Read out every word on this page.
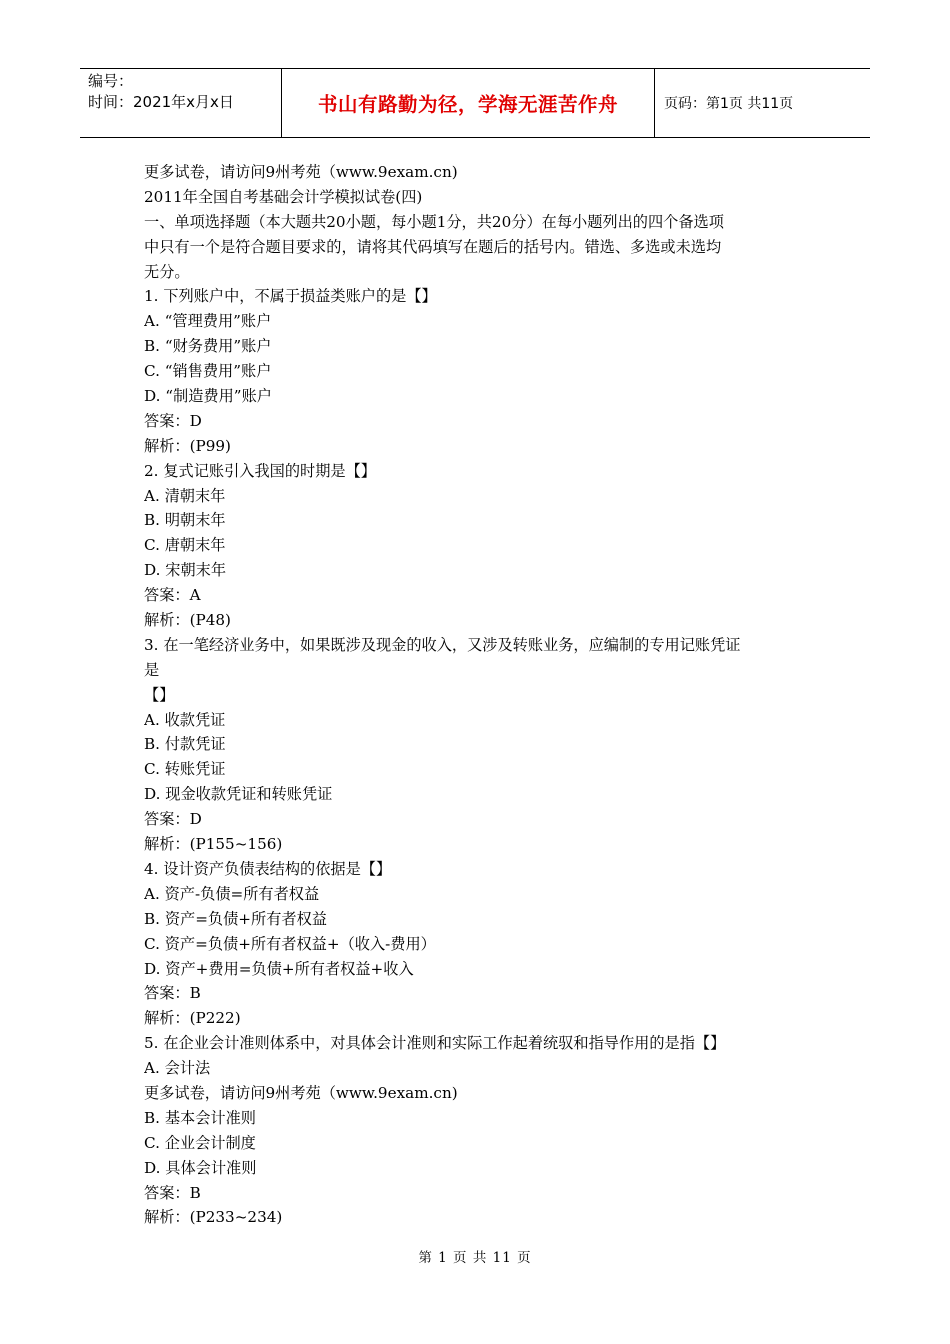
编号：
时间：2021年x月x日	书山有路勤为径，学海无涯苦作舟	页码：第1页 共11页
更多试卷，请访问9州考苑（www.9exam.cn)
2011年全国自考基础会计学模拟试卷(四)
一、单项选择题（本大题共20小题，每小题1分，共20分）在每小题列出的四个备选项
中只有一个是符合题目要求的，请将其代码填写在题后的括号内。错选、多选或未选均
无分。
1. 下列账户中，不属于损益类账户的是【】
A. “管理费用”账户
B. “财务费用”账户
C. “销售费用”账户
D. “制造费用”账户
答案：D
解析：(P99)
2. 复式记账引入我国的时期是【】
A. 清朝末年
B. 明朝末年
C. 唐朝末年
D. 宋朝末年
答案：A
解析：(P48)
3. 在一笔经济业务中，如果既涉及现金的收入，又涉及转账业务，应编制的专用记账凭证
是
【】
A. 收款凭证
B. 付款凭证
C. 转账凭证
D. 现金收款凭证和转账凭证
答案：D
解析：(P155~156)
4. 设计资产负债表结构的依据是【】
A. 资产-负债=所有者权益
B. 资产=负债+所有者权益
C. 资产=负债+所有者权益+（收入-费用）
D. 资产+费用=负债+所有者权益+收入
答案：B
解析：(P222)
5. 在企业会计准则体系中，对具体会计准则和实际工作起着统驭和指导作用的是指【】
A. 会计法
更多试卷，请访问9州考苑（www.9exam.cn)
B. 基本会计准则
C. 企业会计制度
D. 具体会计准则
答案：B
解析：(P233~234)
第 1 页 共 11 页
